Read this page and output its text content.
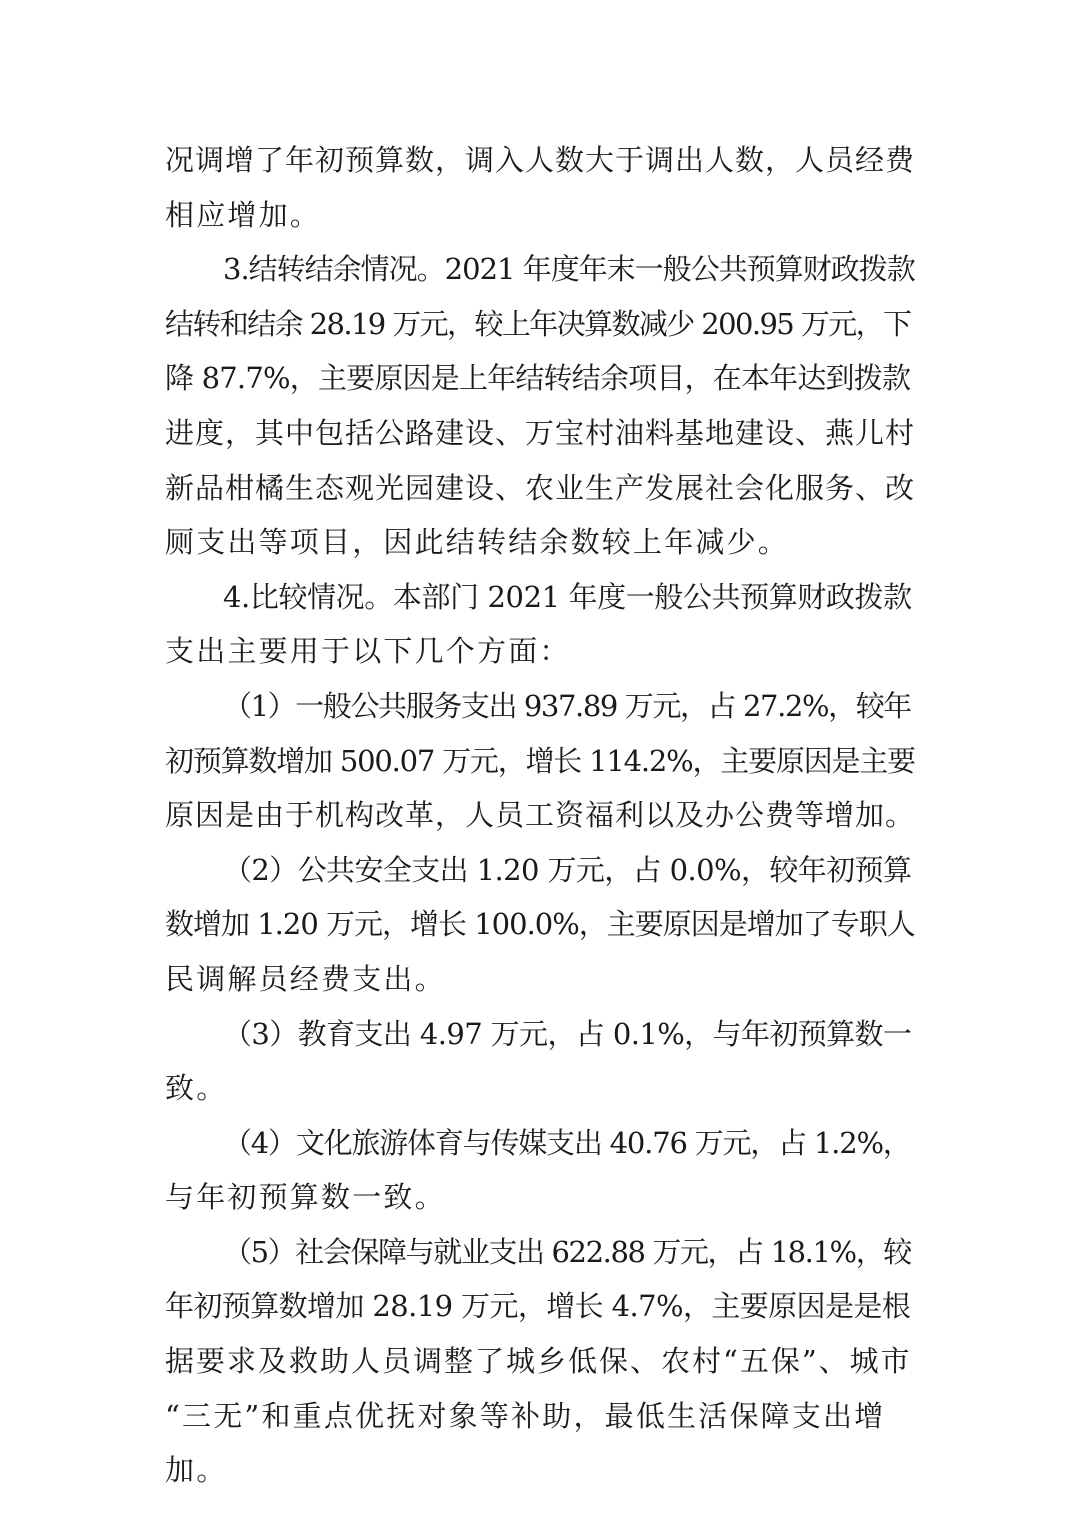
况调增了年初预算数，调入人数大于调出人数，人员经费
相应增加。
3.结转结余情况。2021 年度年末一般公共预算财政拨款
结转和结余 28.19 万元，较上年决算数减少 200.95 万元，下
降 87.7%，主要原因是上年结转结余项目，在本年达到拨款
进度，其中包括公路建设、万宝村油料基地建设、燕儿村
新品柑橘生态观光园建设、农业生产发展社会化服务、改
厕支出等项目，因此结转结余数较上年减少。
4.比较情况。本部门 2021 年度一般公共预算财政拨款
支出主要用于以下几个方面：
（1）一般公共服务支出 937.89 万元，占 27.2%，较年
初预算数增加 500.07 万元，增长 114.2%，主要原因是主要
原因是由于机构改革，人员工资福利以及办公费等增加。
（2）公共安全支出 1.20 万元，占 0.0%，较年初预算
数增加 1.20 万元，增长 100.0%，主要原因是增加了专职人
民调解员经费支出。
（3）教育支出 4.97 万元，占 0.1%，与年初预算数一
致。
（4）文化旅游体育与传媒支出 40.76 万元，占 1.2%，
与年初预算数一致。
（5）社会保障与就业支出 622.88 万元，占 18.1%，较
年初预算数增加 28.19 万元，增长 4.7%，主要原因是是根
据要求及救助人员调整了城乡低保、农村“五保”、城市
“三无”和重点优抚对象等补助，最低生活保障支出增
加。
